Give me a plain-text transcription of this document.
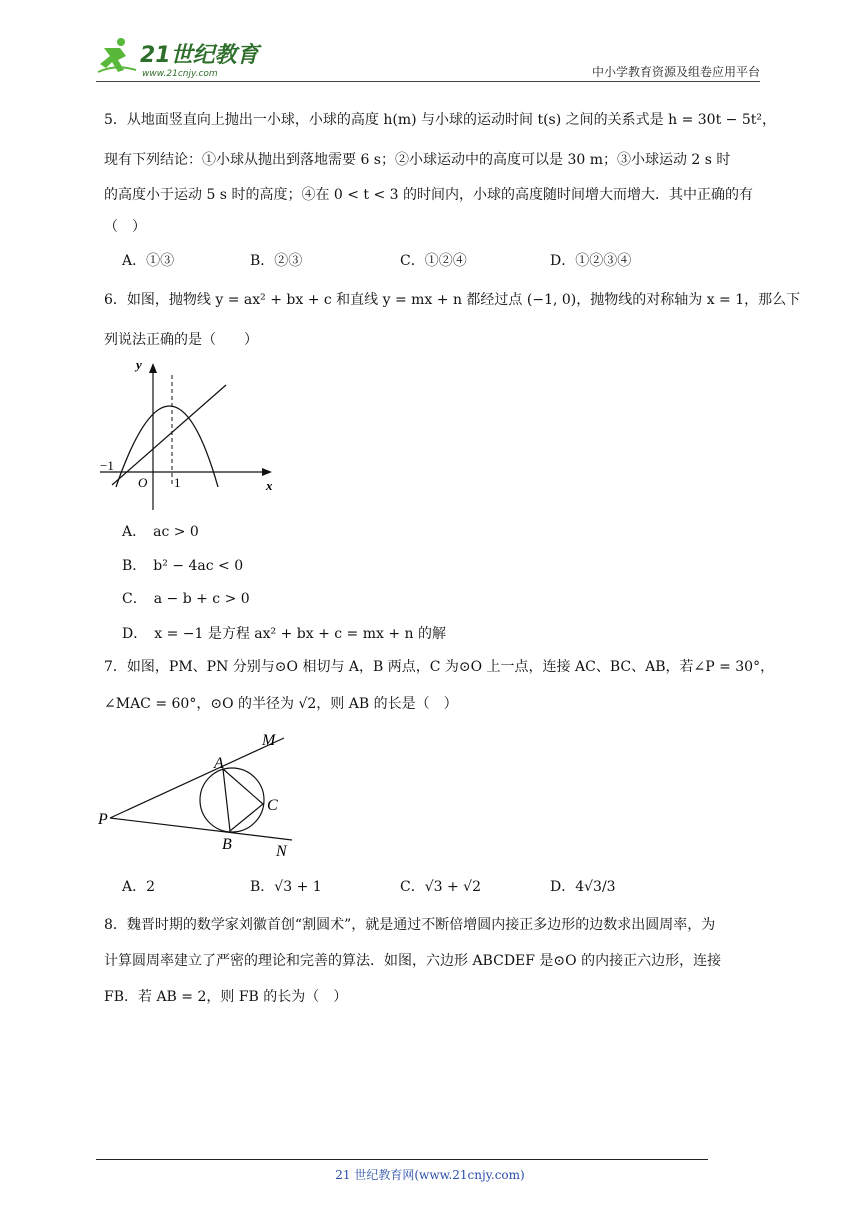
21世纪教育
www.21cnjy.com	中小学教育资源及组卷应用平台
5．从地面竖直向上抛出一小球，小球的高度 h(m) 与小球的运动时间 t(s) 之间的关系式是 h = 30t − 5t²，
现有下列结论：①小球从抛出到落地需要 6 s；②小球运动中的高度可以是 30 m；③小球运动 2 s 时
的高度小于运动 5 s 时的高度；④在 0 < t < 3 的时间内，小球的高度随时间增大而增大．其中正确的有
（　）
A．①③	B．②③	C．①②④	D．①②③④
6．如图，抛物线 y = ax² + bx + c 和直线 y = mx + n 都经过点 (−1, 0)，抛物线的对称轴为 x = 1，那么下
列说法正确的是（　　）
y
x
−1
O 1
A．　ac > 0
B．　b² − 4ac < 0
C．　a − b + c > 0
D．　x = −1 是方程 ax² + bx + c = mx + n 的解
7．如图，PM、PN 分别与⊙O 相切与 A，B 两点，C 为⊙O 上一点，连接 AC、BC、AB，若∠P = 30°，
∠MAC = 60°，⊙O 的半径为 √2，则 AB 的长是（　）
M
A
C
P
B	N
A．2	B．√3 + 1	C．√3 + √2	D．4√3/3
8．魏晋时期的数学家刘徽首创“割圆术”，就是通过不断倍增圆内接正多边形的边数求出圆周率，为
计算圆周率建立了严密的理论和完善的算法．如图，六边形 ABCDEF 是⊙O 的内接正六边形，连接
FB．若 AB = 2，则 FB 的长为（　）
21 世纪教育网(www.21cnjy.com)
